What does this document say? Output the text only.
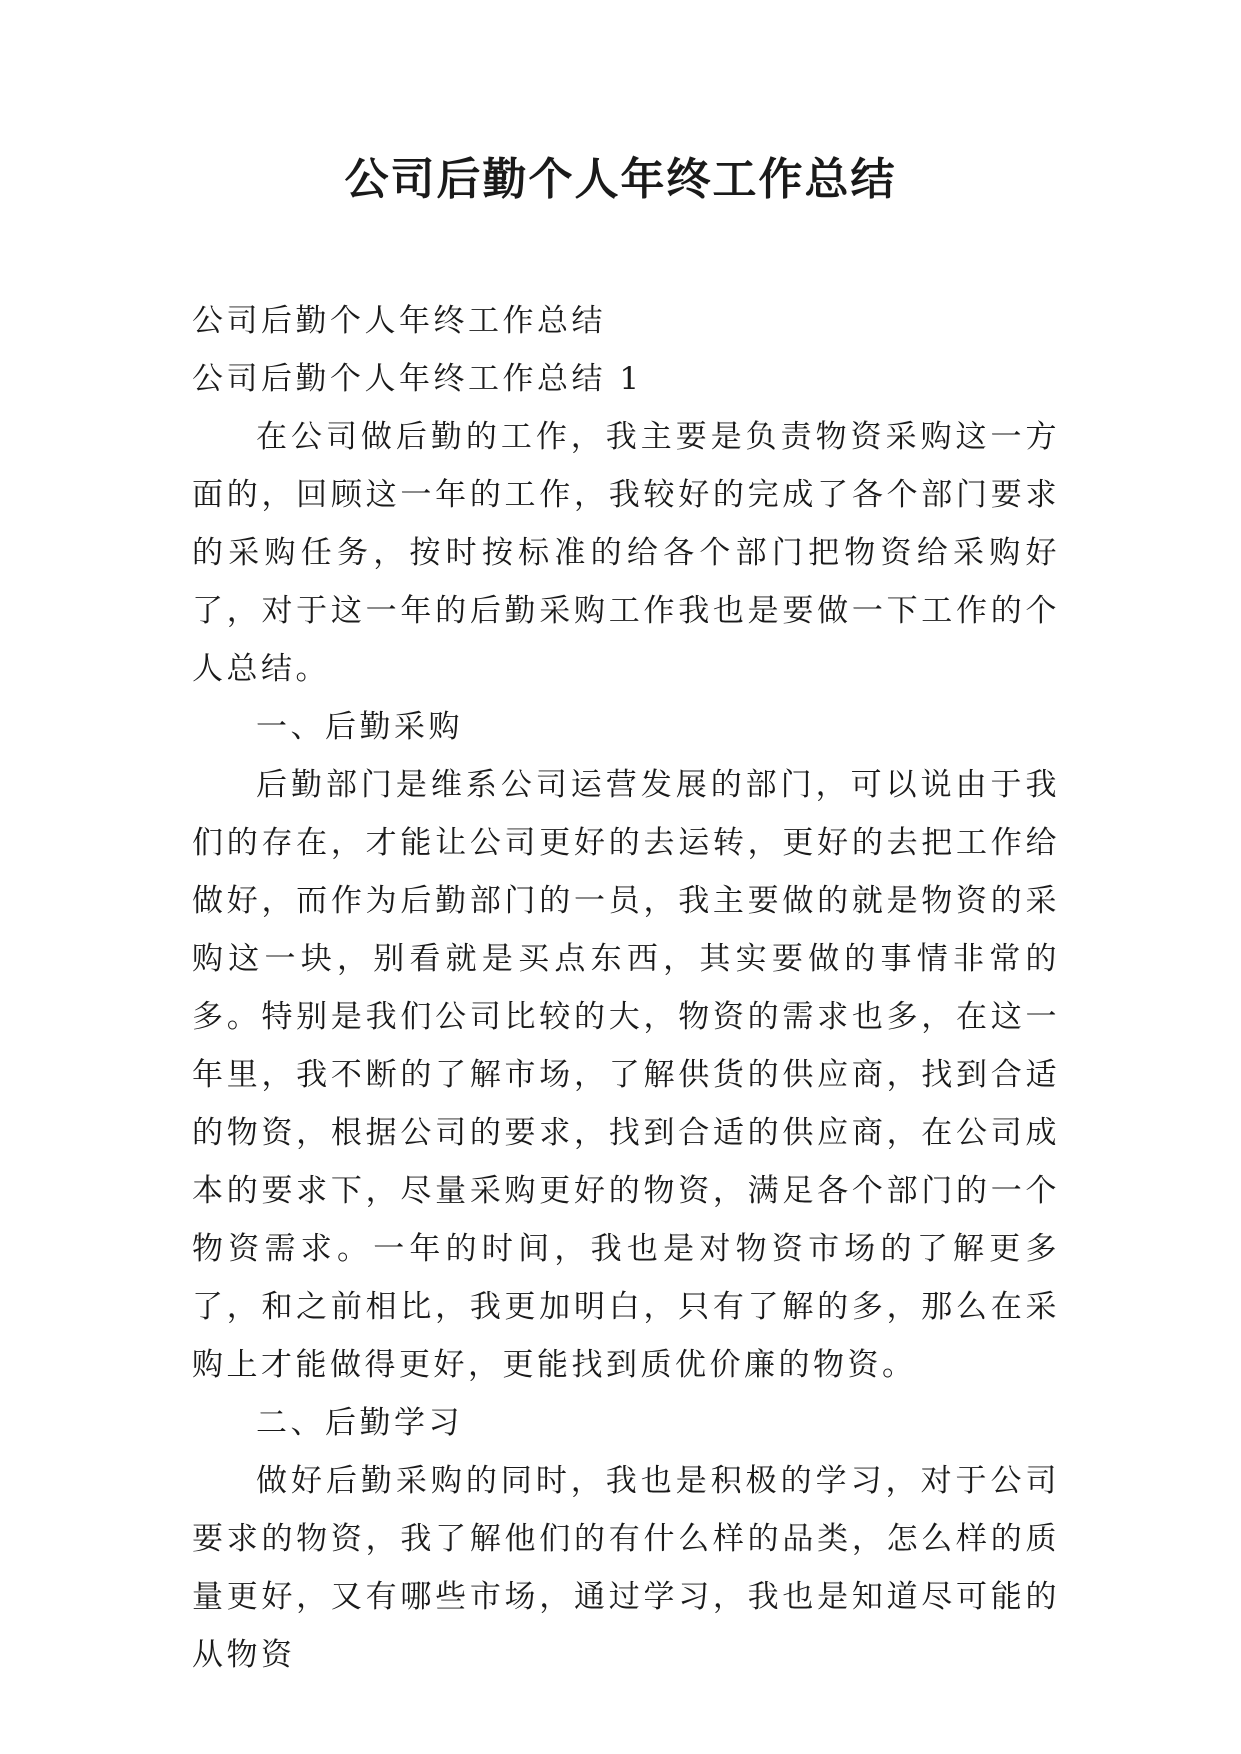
公司后勤个人年终工作总结

公司后勤个人年终工作总结

公司后勤个人年终工作总结 1

在公司做后勤的工作，我主要是负责物资采购这一方面的，回顾这一年的工作，我较好的完成了各个部门要求的采购任务，按时按标准的给各个部门把物资给采购好了，对于这一年的后勤采购工作我也是要做一下工作的个人总结。

一、后勤采购

后勤部门是维系公司运营发展的部门，可以说由于我们的存在，才能让公司更好的去运转，更好的去把工作给做好，而作为后勤部门的一员，我主要做的就是物资的采购这一块，别看就是买点东西，其实要做的事情非常的多。特别是我们公司比较的大，物资的需求也多，在这一年里，我不断的了解市场，了解供货的供应商，找到合适的物资，根据公司的要求，找到合适的供应商，在公司成本的要求下，尽量采购更好的物资，满足各个部门的一个物资需求。一年的时间，我也是对物资市场的了解更多了，和之前相比，我更加明白，只有了解的多，那么在采购上才能做得更好，更能找到质优价廉的物资。

二、后勤学习

做好后勤采购的同时，我也是积极的学习，对于公司要求的物资，我了解他们的有什么样的品类，怎么样的质量更好，又有哪些市场，通过学习，我也是知道尽可能的从物资
